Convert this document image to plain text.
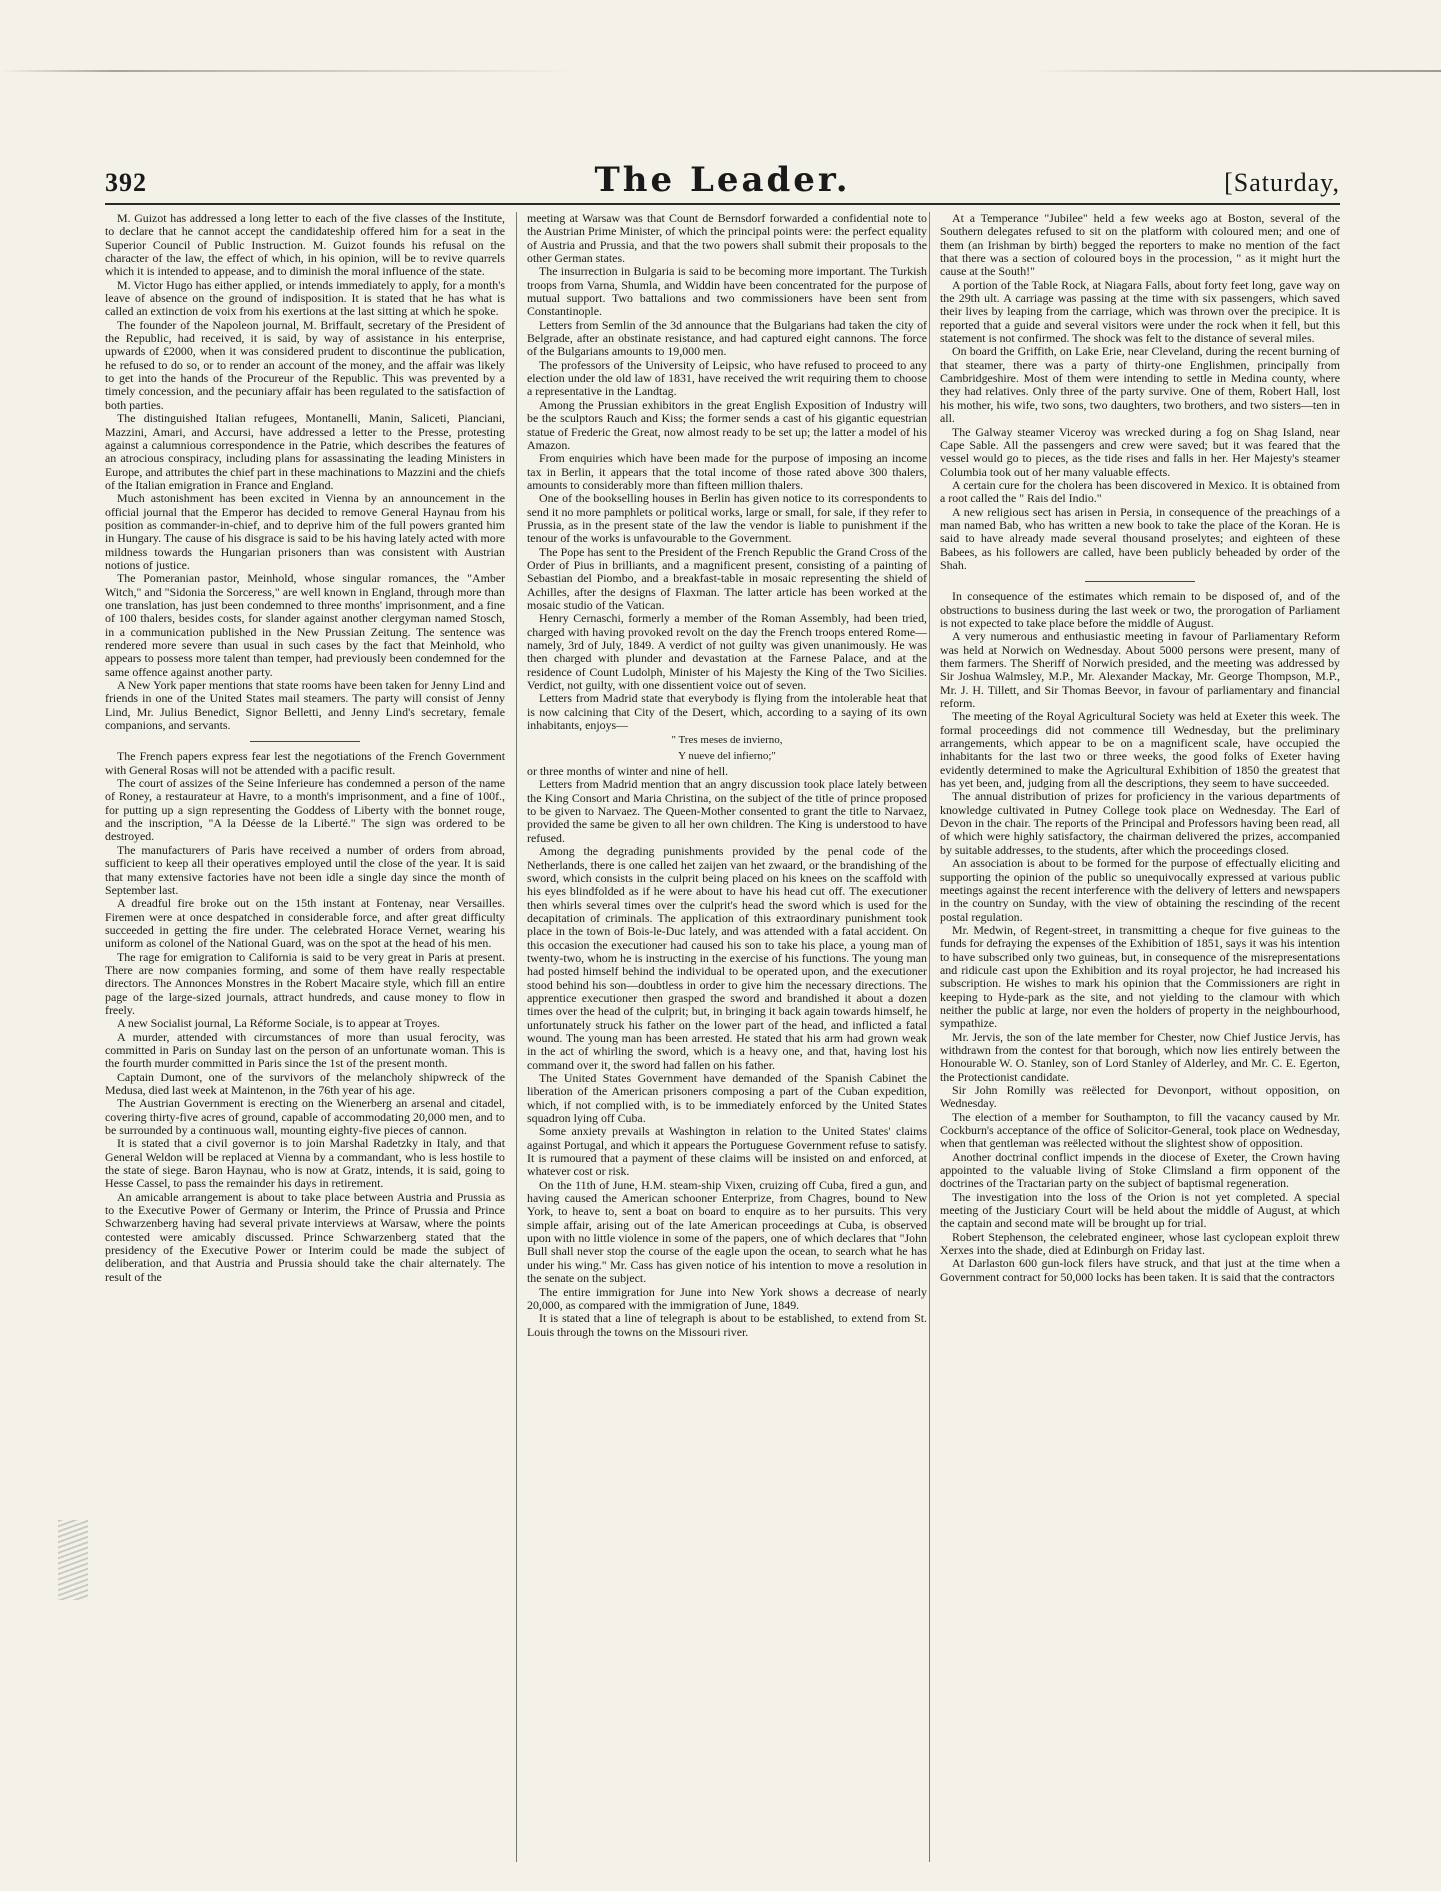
392	The Leader.	[Saturday,

M. Guizot has addressed a long letter to each of the five classes of the Institute, to declare that he cannot accept the candidateship offered him for a seat in the Superior Council of Public Instruction. M. Guizot founds his refusal on the character of the law, the effect of which, in his opinion, will be to revive quarrels which it is intended to appease, and to diminish the moral influence of the state.

M. Victor Hugo has either applied, or intends immediately to apply, for a month's leave of absence on the ground of indisposition. It is stated that he has what is called an extinction de voix from his exertions at the last sitting at which he spoke.

The founder of the Napoleon journal, M. Briffault, secretary of the President of the Republic, had received, it is said, by way of assistance in his enterprise, upwards of £2000, when it was considered prudent to discontinue the publication, he refused to do so, or to render an account of the money, and the affair was likely to get into the hands of the Procureur of the Republic. This was prevented by a timely concession, and the pecuniary affair has been regulated to the satisfaction of both parties.

The distinguished Italian refugees, Montanelli, Manin, Saliceti, Pianciani, Mazzini, Amari, and Accursi, have addressed a letter to the Presse, protesting against a calumnious correspondence in the Patrie, which describes the features of an atrocious conspiracy, including plans for assassinating the leading Ministers in Europe, and attributes the chief part in these machinations to Mazzini and the chiefs of the Italian emigration in France and England.

Much astonishment has been excited in Vienna by an announcement in the official journal that the Emperor has decided to remove General Haynau from his position as commander-in-chief, and to deprive him of the full powers granted him in Hungary. The cause of his disgrace is said to be his having lately acted with more mildness towards the Hungarian prisoners than was consistent with Austrian notions of justice.

The Pomeranian pastor, Meinhold, whose singular romances, the "Amber Witch," and "Sidonia the Sorceress," are well known in England, through more than one translation, has just been condemned to three months' imprisonment, and a fine of 100 thalers, besides costs, for slander against another clergyman named Stosch, in a communication published in the New Prussian Zeitung. The sentence was rendered more severe than usual in such cases by the fact that Meinhold, who appears to possess more talent than temper, had previously been condemned for the same offence against another party.

A New York paper mentions that state rooms have been taken for Jenny Lind and friends in one of the United States mail steamers. The party will consist of Jenny Lind, Mr. Julius Benedict, Signor Belletti, and Jenny Lind's secretary, female companions, and servants.

The French papers express fear lest the negotiations of the French Government with General Rosas will not be attended with a pacific result.

The court of assizes of the Seine Inferieure has condemned a person of the name of Roney, a restaurateur at Havre, to a month's imprisonment, and a fine of 100f., for putting up a sign representing the Goddess of Liberty with the bonnet rouge, and the inscription, "A la Déesse de la Liberté." The sign was ordered to be destroyed.

The manufacturers of Paris have received a number of orders from abroad, sufficient to keep all their operatives employed until the close of the year. It is said that many extensive factories have not been idle a single day since the month of September last.

A dreadful fire broke out on the 15th instant at Fontenay, near Versailles. Firemen were at once despatched in considerable force, and after great difficulty succeeded in getting the fire under. The celebrated Horace Vernet, wearing his uniform as colonel of the National Guard, was on the spot at the head of his men.

The rage for emigration to California is said to be very great in Paris at present. There are now companies forming, and some of them have really respectable directors. The Annonces Monstres in the Robert Macaire style, which fill an entire page of the large-sized journals, attract hundreds, and cause money to flow in freely.

A new Socialist journal, La Réforme Sociale, is to appear at Troyes.

A murder, attended with circumstances of more than usual ferocity, was committed in Paris on Sunday last on the person of an unfortunate woman. This is the fourth murder committed in Paris since the 1st of the present month.

Captain Dumont, one of the survivors of the melancholy shipwreck of the Medusa, died last week at Maintenon, in the 76th year of his age.

The Austrian Government is erecting on the Wienerberg an arsenal and citadel, covering thirty-five acres of ground, capable of accommodating 20,000 men, and to be surrounded by a continuous wall, mounting eighty-five pieces of cannon.

It is stated that a civil governor is to join Marshal Radetzky in Italy, and that General Weldon will be replaced at Vienna by a commandant, who is less hostile to the state of siege. Baron Haynau, who is now at Gratz, intends, it is said, going to Hesse Cassel, to pass the remainder his days in retirement.

An amicable arrangement is about to take place between Austria and Prussia as to the Executive Power of Germany or Interim, the Prince of Prussia and Prince Schwarzenberg having had several private interviews at Warsaw, where the points contested were amicably discussed. Prince Schwarzenberg stated that the presidency of the Executive Power or Interim could be made the subject of deliberation, and that Austria and Prussia should take the chair alternately. The result of the

meeting at Warsaw was that Count de Bernsdorf forwarded a confidential note to the Austrian Prime Minister, of which the principal points were: the perfect equality of Austria and Prussia, and that the two powers shall submit their proposals to the other German states.

The insurrection in Bulgaria is said to be becoming more important. The Turkish troops from Varna, Shumla, and Widdin have been concentrated for the purpose of mutual support. Two battalions and two commissioners have been sent from Constantinople.

Letters from Semlin of the 3d announce that the Bulgarians had taken the city of Belgrade, after an obstinate resistance, and had captured eight cannons. The force of the Bulgarians amounts to 19,000 men.

The professors of the University of Leipsic, who have refused to proceed to any election under the old law of 1831, have received the writ requiring them to choose a representative in the Landtag.

Among the Prussian exhibitors in the great English Exposition of Industry will be the sculptors Rauch and Kiss; the former sends a cast of his gigantic equestrian statue of Frederic the Great, now almost ready to be set up; the latter a model of his Amazon.

From enquiries which have been made for the purpose of imposing an income tax in Berlin, it appears that the total income of those rated above 300 thalers, amounts to considerably more than fifteen million thalers.

One of the bookselling houses in Berlin has given notice to its correspondents to send it no more pamphlets or political works, large or small, for sale, if they refer to Prussia, as in the present state of the law the vendor is liable to punishment if the tenour of the works is unfavourable to the Government.

The Pope has sent to the President of the French Republic the Grand Cross of the Order of Pius in brilliants, and a magnificent present, consisting of a painting of Sebastian del Piombo, and a breakfast-table in mosaic representing the shield of Achilles, after the designs of Flaxman. The latter article has been worked at the mosaic studio of the Vatican.

Henry Cernaschi, formerly a member of the Roman Assembly, had been tried, charged with having provoked revolt on the day the French troops entered Rome—namely, 3rd of July, 1849. A verdict of not guilty was given unanimously. He was then charged with plunder and devastation at the Farnese Palace, and at the residence of Count Ludolph, Minister of his Majesty the King of the Two Sicilies. Verdict, not guilty, with one dissentient voice out of seven.

Letters from Madrid state that everybody is flying from the intolerable heat that is now calcining that City of the Desert, which, according to a saying of its own inhabitants, enjoys—

" Tres meses de invierno,
Y nueve del infierno;"

or three months of winter and nine of hell.

Letters from Madrid mention that an angry discussion took place lately between the King Consort and Maria Christina, on the subject of the title of prince proposed to be given to Narvaez. The Queen-Mother consented to grant the title to Narvaez, provided the same be given to all her own children. The King is understood to have refused.

Among the degrading punishments provided by the penal code of the Netherlands, there is one called het zaijen van het zwaard, or the brandishing of the sword, which consists in the culprit being placed on his knees on the scaffold with his eyes blindfolded as if he were about to have his head cut off. The executioner then whirls several times over the culprit's head the sword which is used for the decapitation of criminals. The application of this extraordinary punishment took place in the town of Bois-le-Duc lately, and was attended with a fatal accident. On this occasion the executioner had caused his son to take his place, a young man of twenty-two, whom he is instructing in the exercise of his functions. The young man had posted himself behind the individual to be operated upon, and the executioner stood behind his son—doubtless in order to give him the necessary directions. The apprentice executioner then grasped the sword and brandished it about a dozen times over the head of the culprit; but, in bringing it back again towards himself, he unfortunately struck his father on the lower part of the head, and inflicted a fatal wound. The young man has been arrested. He stated that his arm had grown weak in the act of whirling the sword, which is a heavy one, and that, having lost his command over it, the sword had fallen on his father.

The United States Government have demanded of the Spanish Cabinet the liberation of the American prisoners composing a part of the Cuban expedition, which, if not complied with, is to be immediately enforced by the United States squadron lying off Cuba.

Some anxiety prevails at Washington in relation to the United States' claims against Portugal, and which it appears the Portuguese Government refuse to satisfy. It is rumoured that a payment of these claims will be insisted on and enforced, at whatever cost or risk.

On the 11th of June, H.M. steam-ship Vixen, cruizing off Cuba, fired a gun, and having caused the American schooner Enterprize, from Chagres, bound to New York, to heave to, sent a boat on board to enquire as to her pursuits. This very simple affair, arising out of the late American proceedings at Cuba, is observed upon with no little violence in some of the papers, one of which declares that "John Bull shall never stop the course of the eagle upon the ocean, to search what he has under his wing." Mr. Cass has given notice of his intention to move a resolution in the senate on the subject.

The entire immigration for June into New York shows a decrease of nearly 20,000, as compared with the immigration of June, 1849.

It is stated that a line of telegraph is about to be established, to extend from St. Louis through the towns on the Missouri river.

At a Temperance "Jubilee" held a few weeks ago at Boston, several of the Southern delegates refused to sit on the platform with coloured men; and one of them (an Irishman by birth) begged the reporters to make no mention of the fact that there was a section of coloured boys in the procession, " as it might hurt the cause at the South!"

A portion of the Table Rock, at Niagara Falls, about forty feet long, gave way on the 29th ult. A carriage was passing at the time with six passengers, which saved their lives by leaping from the carriage, which was thrown over the precipice. It is reported that a guide and several visitors were under the rock when it fell, but this statement is not confirmed. The shock was felt to the distance of several miles.

On board the Griffith, on Lake Erie, near Cleveland, during the recent burning of that steamer, there was a party of thirty-one Englishmen, principally from Cambridgeshire. Most of them were intending to settle in Medina county, where they had relatives. Only three of the party survive. One of them, Robert Hall, lost his mother, his wife, two sons, two daughters, two brothers, and two sisters—ten in all.

The Galway steamer Viceroy was wrecked during a fog on Shag Island, near Cape Sable. All the passengers and crew were saved; but it was feared that the vessel would go to pieces, as the tide rises and falls in her. Her Majesty's steamer Columbia took out of her many valuable effects.

A certain cure for the cholera has been discovered in Mexico. It is obtained from a root called the " Rais del Indio."

A new religious sect has arisen in Persia, in consequence of the preachings of a man named Bab, who has written a new book to take the place of the Koran. He is said to have already made several thousand proselytes; and eighteen of these Babees, as his followers are called, have been publicly beheaded by order of the Shah.

In consequence of the estimates which remain to be disposed of, and of the obstructions to business during the last week or two, the prorogation of Parliament is not expected to take place before the middle of August.

A very numerous and enthusiastic meeting in favour of Parliamentary Reform was held at Norwich on Wednesday. About 5000 persons were present, many of them farmers. The Sheriff of Norwich presided, and the meeting was addressed by Sir Joshua Walmsley, M.P., Mr. Alexander Mackay, Mr. George Thompson, M.P., Mr. J. H. Tillett, and Sir Thomas Beevor, in favour of parliamentary and financial reform.

The meeting of the Royal Agricultural Society was held at Exeter this week. The formal proceedings did not commence till Wednesday, but the preliminary arrangements, which appear to be on a magnificent scale, have occupied the inhabitants for the last two or three weeks, the good folks of Exeter having evidently determined to make the Agricultural Exhibition of 1850 the greatest that has yet been, and, judging from all the descriptions, they seem to have succeeded.

The annual distribution of prizes for proficiency in the various departments of knowledge cultivated in Putney College took place on Wednesday. The Earl of Devon in the chair. The reports of the Principal and Professors having been read, all of which were highly satisfactory, the chairman delivered the prizes, accompanied by suitable addresses, to the students, after which the proceedings closed.

An association is about to be formed for the purpose of effectually eliciting and supporting the opinion of the public so unequivocally expressed at various public meetings against the recent interference with the delivery of letters and newspapers in the country on Sunday, with the view of obtaining the rescinding of the recent postal regulation.

Mr. Medwin, of Regent-street, in transmitting a cheque for five guineas to the funds for defraying the expenses of the Exhibition of 1851, says it was his intention to have subscribed only two guineas, but, in consequence of the misrepresentations and ridicule cast upon the Exhibition and its royal projector, he had increased his subscription. He wishes to mark his opinion that the Commissioners are right in keeping to Hyde-park as the site, and not yielding to the clamour with which neither the public at large, nor even the holders of property in the neighbourhood, sympathize.

Mr. Jervis, the son of the late member for Chester, now Chief Justice Jervis, has withdrawn from the contest for that borough, which now lies entirely between the Honourable W. O. Stanley, son of Lord Stanley of Alderley, and Mr. C. E. Egerton, the Protectionist candidate.

Sir John Romilly was reëlected for Devonport, without opposition, on Wednesday.

The election of a member for Southampton, to fill the vacancy caused by Mr. Cockburn's acceptance of the office of Solicitor-General, took place on Wednesday, when that gentleman was reëlected without the slightest show of opposition.

Another doctrinal conflict impends in the diocese of Exeter, the Crown having appointed to the valuable living of Stoke Climsland a firm opponent of the doctrines of the Tractarian party on the subject of baptismal regeneration.

The investigation into the loss of the Orion is not yet completed. A special meeting of the Justiciary Court will be held about the middle of August, at which the captain and second mate will be brought up for trial.

Robert Stephenson, the celebrated engineer, whose last cyclopean exploit threw Xerxes into the shade, died at Edinburgh on Friday last.

At Darlaston 600 gun-lock filers have struck, and that just at the time when a Government contract for 50,000 locks has been taken. It is said that the contractors
